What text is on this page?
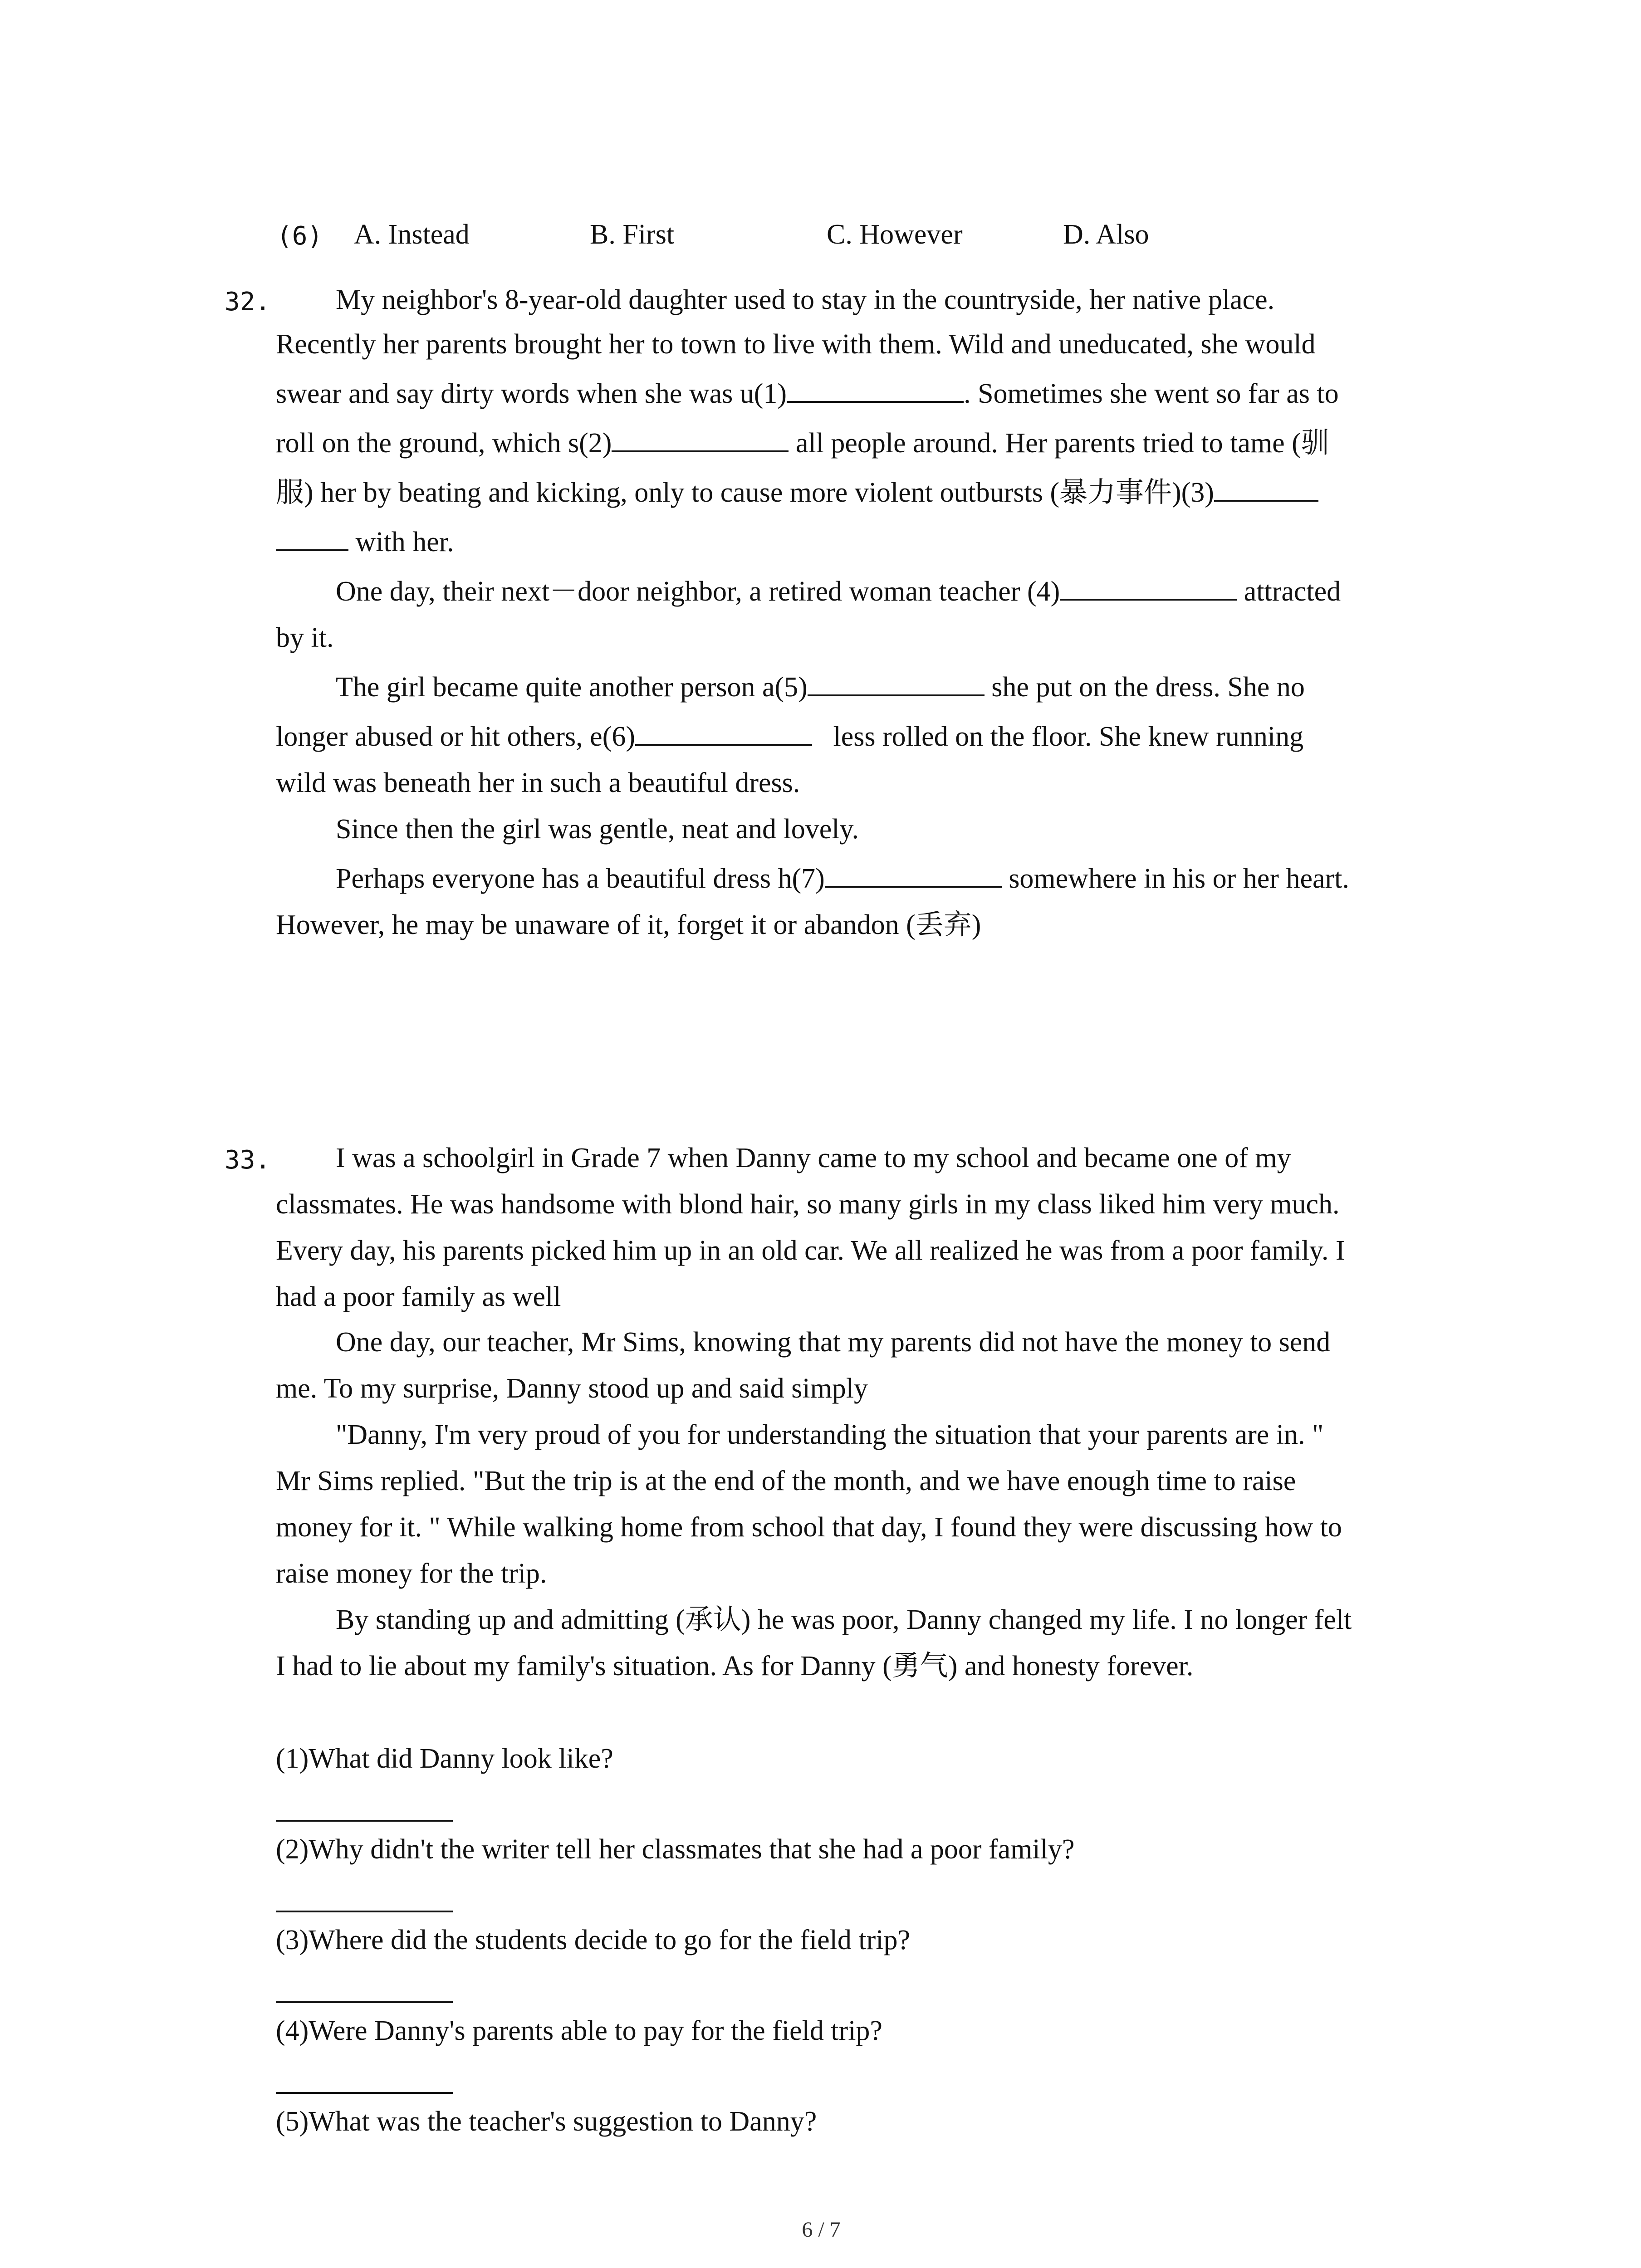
(6) A. Instead	B. First	C. However	D. Also
32. My neighbor's 8-year-old daughter used to stay in the countryside, her native place.
Recently her parents brought her to town to live with them. Wild and uneducated, she would
swear and say dirty words when she was u(1)	. Sometimes she went so far as to
roll on the ground, which s(2)	all people around. Her parents tried to tame (驯
服) her by beating and kicking, only to cause more violent outbursts (暴力事件)(3)
with her.
One day, their next－door neighbor, a retired woman teacher (4)	attracted
by it.
The girl became quite another person a(5)	she put on the dress. She no
longer abused or hit others, e(6)	less rolled on the floor. She knew running
wild was beneath her in such a beautiful dress.
Since then the girl was gentle, neat and lovely.
Perhaps everyone has a beautiful dress h(7)	somewhere in his or her heart.
However, he may be unaware of it, forget it or abandon (丢弃)
33. I was a schoolgirl in Grade 7 when Danny came to my school and became one of my
classmates. He was handsome with blond hair, so many girls in my class liked him very much.
Every day, his parents picked him up in an old car. We all realized he was from a poor family. I
had a poor family as well
One day, our teacher, Mr Sims, knowing that my parents did not have the money to send
me. To my surprise, Danny stood up and said simply
"Danny, I'm very proud of you for understanding the situation that your parents are in. "
Mr Sims replied. "But the trip is at the end of the month, and we have enough time to raise
money for it. " While walking home from school that day, I found they were discussing how to
raise money for the trip.
By standing up and admitting (承认) he was poor, Danny changed my life. I no longer felt
I had to lie about my family's situation. As for Danny (勇气) and honesty forever.
(1)What did Danny look like?
(2)Why didn't the writer tell her classmates that she had a poor family?
(3)Where did the students decide to go for the field trip?
(4)Were Danny's parents able to pay for the field trip?
(5)What was the teacher's suggestion to Danny?
6 / 7
